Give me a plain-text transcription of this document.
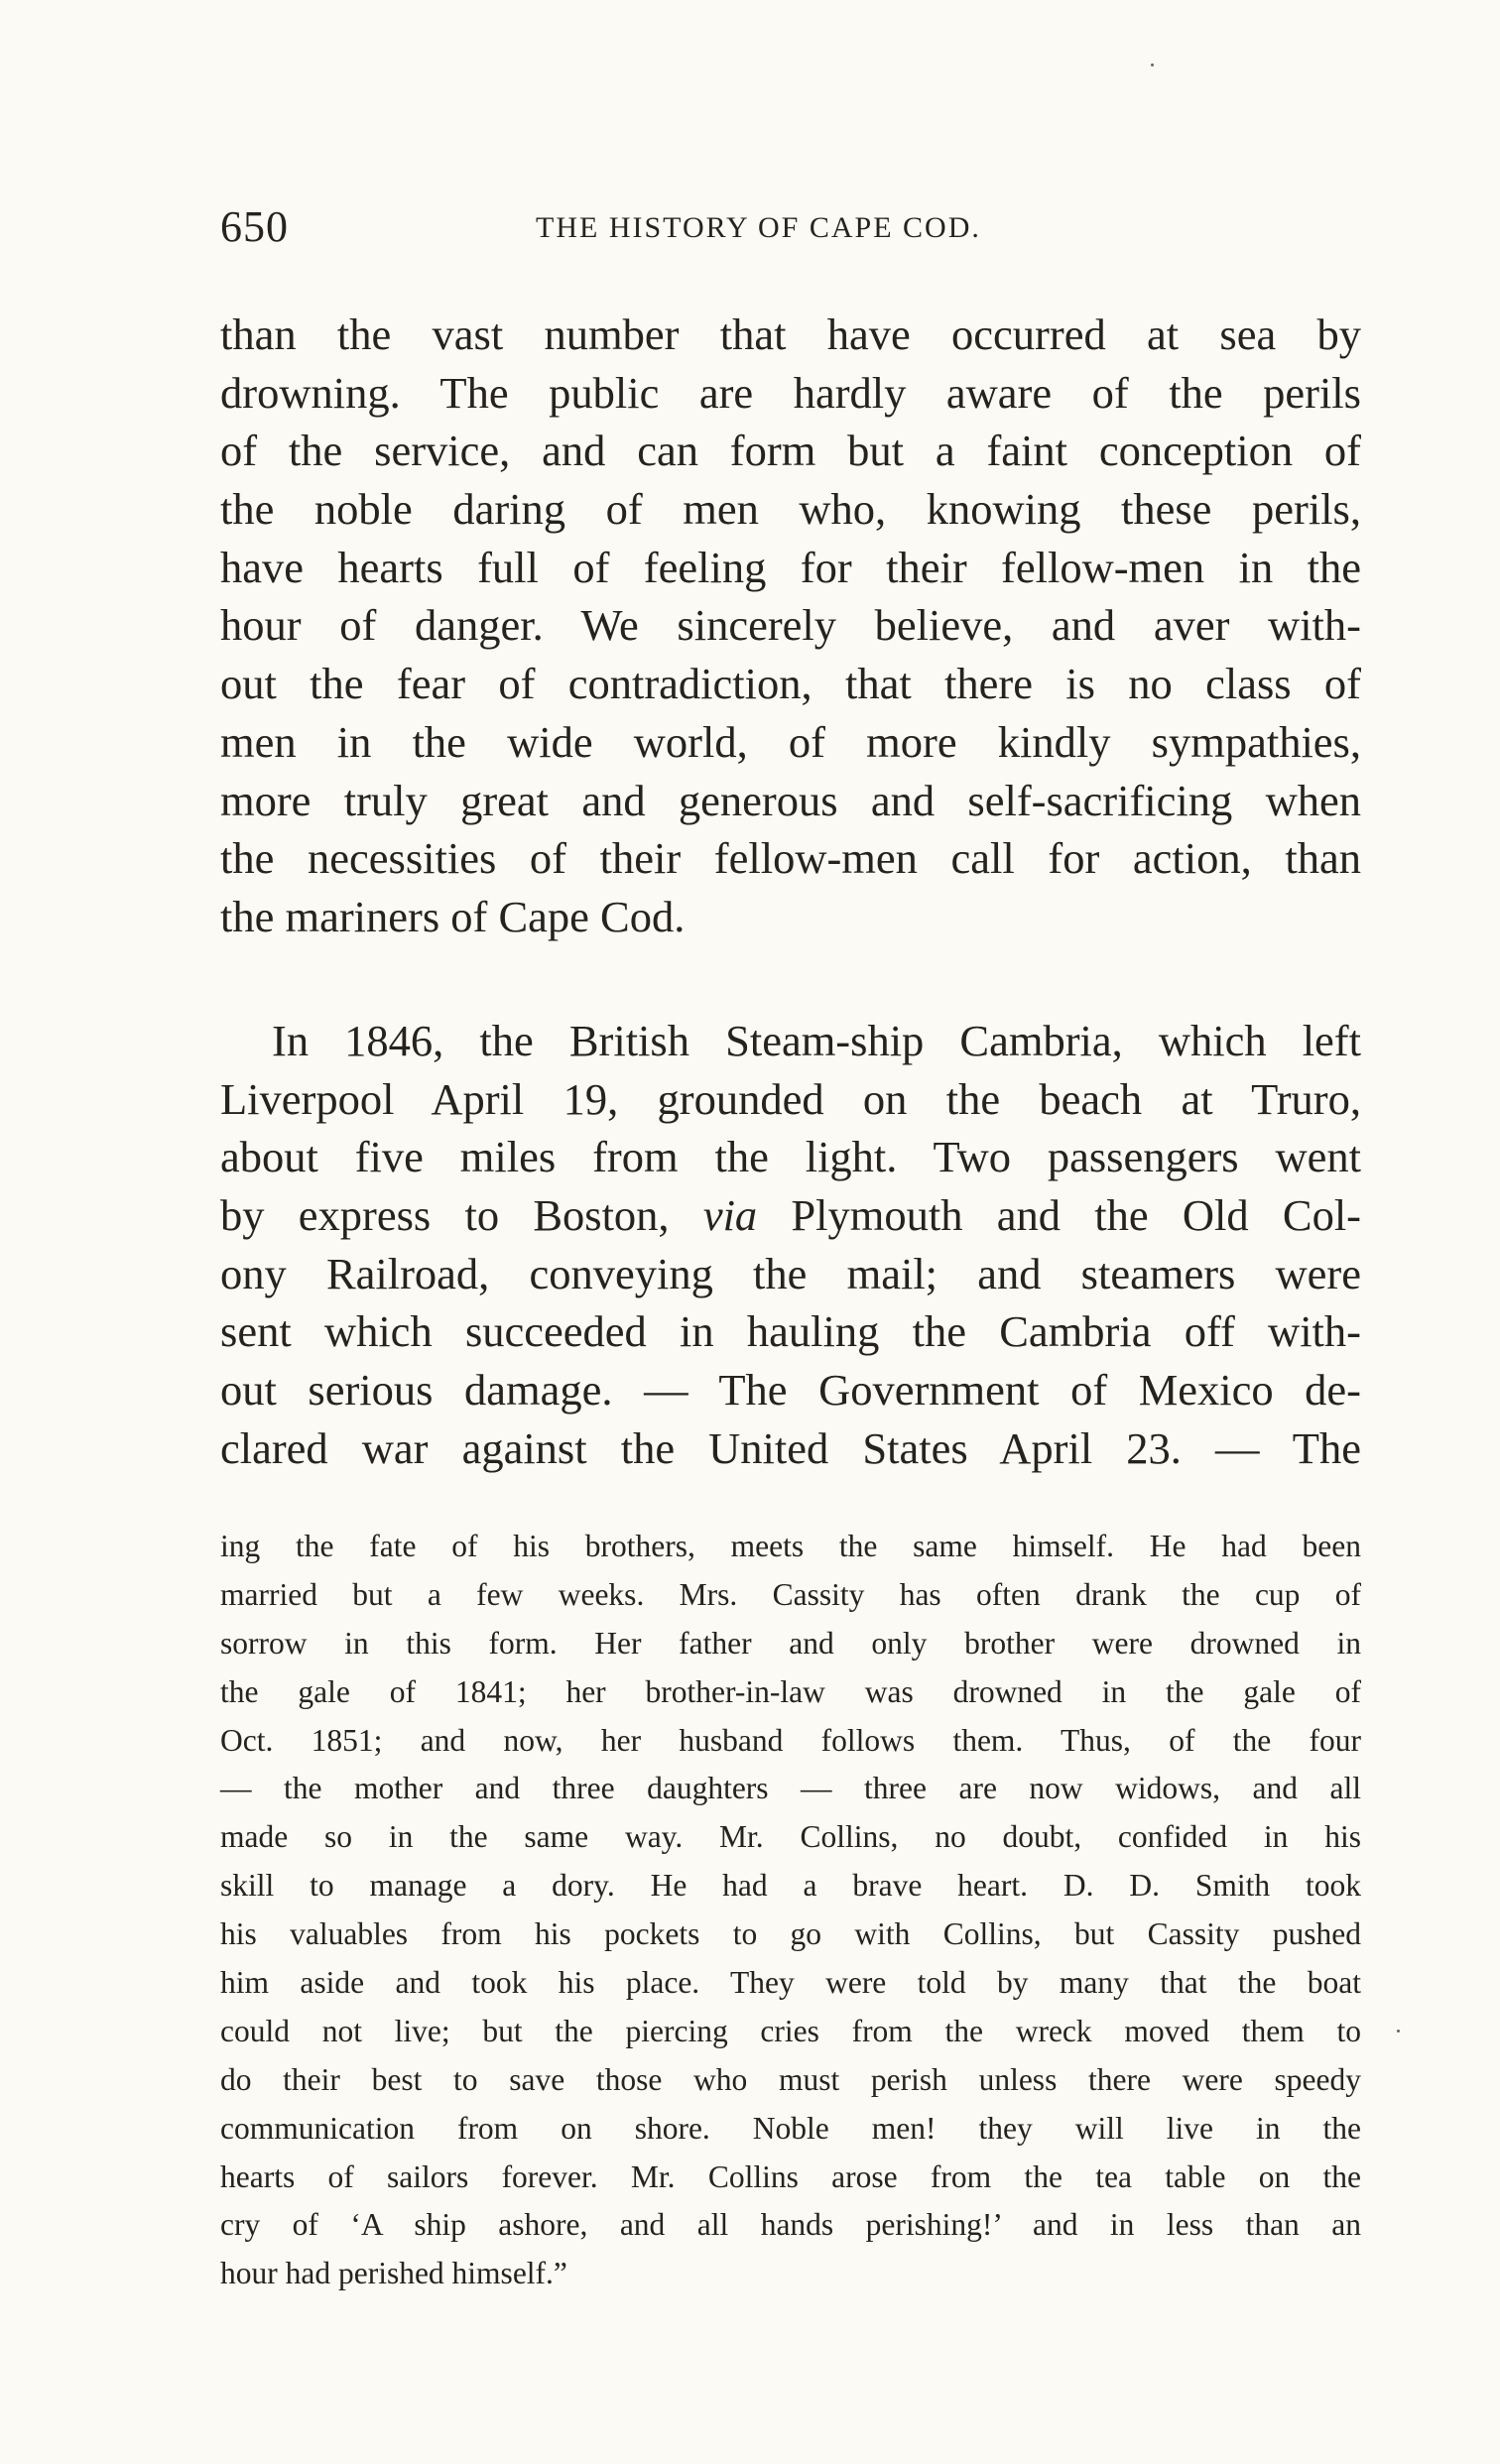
650	THE HISTORY OF CAPE COD.
than the vast number that have occurred at sea by
drowning. The public are hardly aware of the perils
of the service, and can form but a faint conception of
the noble daring of men who, knowing these perils,
have hearts full of feeling for their fellow-men in the
hour of danger. We sincerely believe, and aver with-
out the fear of contradiction, that there is no class of
men in the wide world, of more kindly sympathies,
more truly great and generous and self-sacrificing when
the necessities of their fellow-men call for action, than
the mariners of Cape Cod.
In 1846, the British Steam-ship Cambria, which left
Liverpool April 19, grounded on the beach at Truro,
about five miles from the light. Two passengers went
by express to Boston, via Plymouth and the Old Col-
ony Railroad, conveying the mail; and steamers were
sent which succeeded in hauling the Cambria off with-
out serious damage. — The Government of Mexico de-
clared war against the United States April 23. — The
ing the fate of his brothers, meets the same himself. He had been
married but a few weeks. Mrs. Cassity has often drank the cup of
sorrow in this form. Her father and only brother were drowned in
the gale of 1841; her brother-in-law was drowned in the gale of
Oct. 1851; and now, her husband follows them. Thus, of the four
— the mother and three daughters — three are now widows, and all
made so in the same way. Mr. Collins, no doubt, confided in his
skill to manage a dory. He had a brave heart. D. D. Smith took
his valuables from his pockets to go with Collins, but Cassity pushed
him aside and took his place. They were told by many that the boat
could not live; but the piercing cries from the wreck moved them to
do their best to save those who must perish unless there were speedy
communication from on shore. Noble men! they will live in the
hearts of sailors forever. Mr. Collins arose from the tea table on the
cry of ‘A ship ashore, and all hands perishing!’ and in less than an
hour had perished himself.”
